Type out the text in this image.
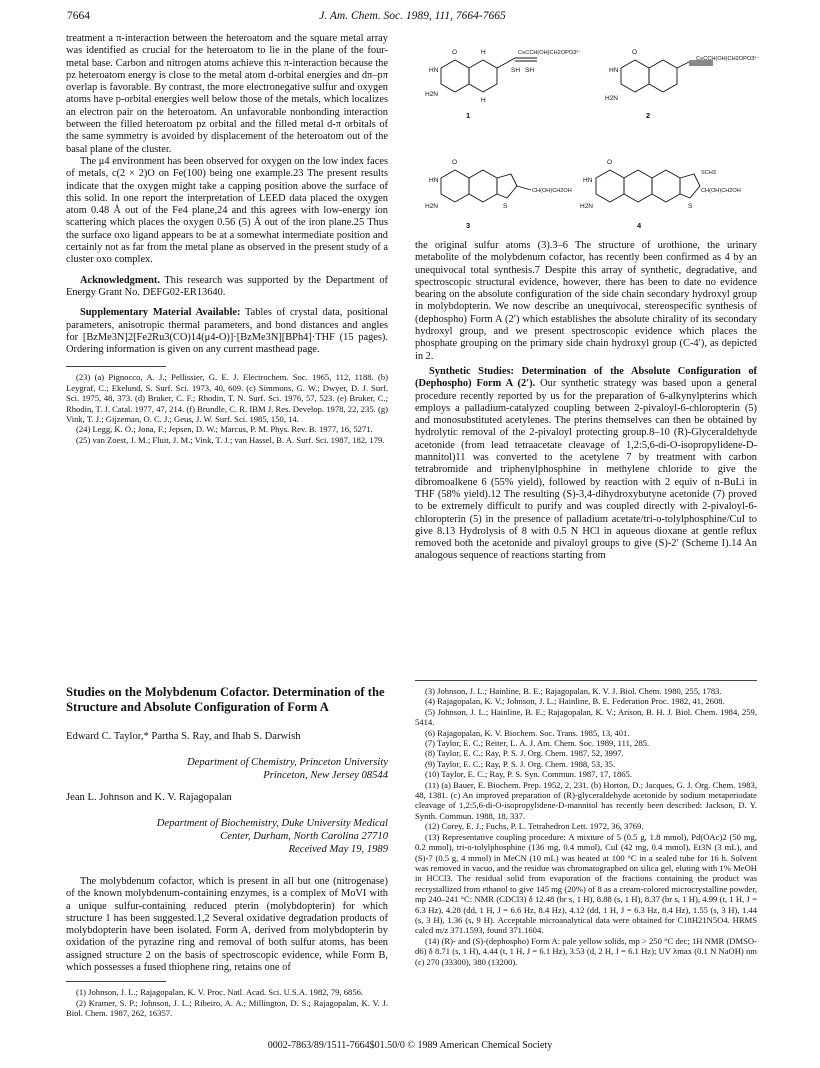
7664	J. Am. Chem. Soc. 1989, 111, 7664-7665

treatment a π-interaction between the heteroatom and the square metal array was identified as crucial for the heteroatom to lie in the plane of the four-metal base. Carbon and nitrogen atoms achieve this π-interaction because the pz heteroatom energy is close to the metal atom d-orbital energies and dπ–pπ overlap is favorable. By contrast, the more electronegative sulfur and oxygen atoms have p-orbital energies well below those of the metals, which localizes an electron pair on the heteroatom. An unfavorable nonbonding interaction between the filled heteroatom pz orbital and the filled metal d-π orbitals of the same symmetry is avoided by displacement of the heteroatom out of the basal plane of the cluster.

The μ4 environment has been observed for oxygen on the low index faces of metals, c(2 × 2)O on Fe(100) being one example.23 The present results indicate that the oxygen might take a capping position above the surface of this solid. In one report the interpretation of LEED data placed the oxygen atom 0.48 Å out of the Fe4 plane,24 and this agrees with low-energy ion scattering which places the oxygen 0.56 (5) Å out of the iron plane.25 Thus the surface oxo ligand appears to be at a somewhat intermediate position and certainly not as far from the metal plane as observed in the present study of a cluster oxo complex.

Acknowledgment. This research was supported by the Department of Energy Grant No. DEFG02-ER13640.

Supplementary Material Available: Tables of crystal data, positional parameters, anisotropic thermal parameters, and bond distances and angles for [BzMe3N]2[Fe2Ru3(CO)14(μ4-O)]·[BzMe3N][BPh4]·THF (15 pages). Ordering information is given on any current masthead page.

(23) (a) Pignocco, A. J.; Pellissier, G. E. J. Electrochem. Soc. 1965, 112, 1188. (b) Leygraf, C.; Ekelund, S. Surf. Sci. 1973, 40, 609. (c) Simmons, G. W.; Dwyer, D. J. Surf. Sci. 1975, 48, 373. (d) Bruker, C. F.; Rhodin, T. N. Surf. Sci. 1976, 57, 523. (e) Bruker, C.; Rhodin, T. J. Catal. 1977, 47, 214. (f) Brundle, C. R. IBM J. Res. Develop. 1978, 22, 235. (g) Vink, T. J.; Gijzeman, O. C. J.; Geus, J. W. Surf. Sci. 1985, 150, 14.
(24) Legg, K. O.; Jona, F.; Jepsen, D. W.; Marcus, P. M. Phys. Rev. B. 1977, 16, 5271.
(25) van Zoest, J. M.; Fluit, J. M.; Vink, T. J.; van Hassel, B. A. Surf. Sci. 1987, 182, 179.
Studies on the Molybdenum Cofactor. Determination of the Structure and Absolute Configuration of Form A
Edward C. Taylor,* Partha S. Ray, and Ihab S. Darwish
Department of Chemistry, Princeton University
Princeton, New Jersey 08544
Jean L. Johnson and K. V. Rajagopalan
Department of Biochemistry, Duke University Medical
Center, Durham, North Carolina 27710
Received May 19, 1989

The molybdenum cofactor, which is present in all but one (nitrogenase) of the known molybdenum-containing enzymes, is a complex of MoVI with a unique sulfur-containing reduced pterin (molybdopterin) for which structure 1 has been suggested.1,2 Several oxidative degradation products of molybdopterin have been isolated. Form A, derived from molybdopterin by oxidation of the pyrazine ring and removal of both sulfur atoms, has been assigned structure 2 on the basis of spectroscopic evidence, while Form B, which possesses a fused thiophene ring, retains one of

(1) Johnson, J. L.; Rajagopalan, K. V. Proc. Natl. Acad. Sci. U.S.A. 1982, 79, 6856.
(2) Kramer, S. P.; Johnson, J. L.; Ribeiro, A. A.; Millington, D. S.; Rajagopalan, K. V. J. Biol. Chem. 1987, 262, 16357.
O
HN
H2N
H
H
C≡CCH(OH)CH2OPO3²⁻
SH SH
O
HN
H2N
C≡CCH(OH)CH2OPO3²⁻
O
HN
H2N	S
CH(OH)CH2OH
O
HN
H2N	S
SCH3
CH(OH)CH2OH
1	2
3	4

the original sulfur atoms (3).3–6 The structure of urothione, the urinary metabolite of the molybdenum cofactor, has recently been confirmed as 4 by an unequivocal total synthesis.7 Despite this array of synthetic, degradative, and spectroscopic structural evidence, however, there has been to date no evidence bearing on the absolute configuration of the side chain secondary hydroxyl group in molybdopterin. We now describe an unequivocal, stereospecific synthesis of (dephospho) Form A (2′) which establishes the absolute chirality of its secondary hydroxyl group, and we present spectroscopic evidence which places the phosphate grouping on the primary side chain hydroxyl group (C-4′), as depicted in 2.

Synthetic Studies: Determination of the Absolute Configuration of (Dephospho) Form A (2′). Our synthetic strategy was based upon a general procedure recently reported by us for the preparation of 6-alkynylpterins which employs a palladium-catalyzed coupling between 2-pivaloyl-6-chloropterin (5) and monosubstituted acetylenes. The pterins themselves can then be obtained by hydrolytic removal of the 2-pivaloyl protecting group.8–10 (R)-Glyceraldehyde acetonide (from lead tetraacetate cleavage of 1,2:5,6-di-O-isopropylidene-D-mannitol)11 was converted to the acetylene 7 by treatment with carbon tetrabromide and triphenylphosphine in methylene chloride to give the dibromoalkene 6 (55% yield), followed by reaction with 2 equiv of n-BuLi in THF (58% yield).12 The resulting (S)-3,4-dihydroxybutyne acetonide (7) proved to be extremely difficult to purify and was coupled directly with 2-pivaloyl-6-chloropterin (5) in the presence of palladium acetate/tri-o-tolylphosphine/CuI to give 8.13 Hydrolysis of 8 with 0.5 N HCl in aqueous dioxane at gentle reflux removed both the acetonide and pivaloyl groups to give (S)-2′ (Scheme I).14 An analogous sequence of reactions starting from

(3) Johnson, J. L.; Hainline, B. E.; Rajagopalan, K. V. J. Biol. Chem. 1980, 255, 1783.
(4) Rajagopalan, K. V.; Johnson, J. L.; Hainline, B. E. Federation Proc. 1982, 41, 2608.
(5) Johnson, J. L.; Hainline, B. E.; Rajagopalan, K. V.; Arison, B. H. J. Biol. Chem. 1984, 259, 5414.
(6) Rajagopalan, K. V. Biochem. Soc. Trans. 1985, 13, 401.
(7) Taylor, E. C.; Reiter, L. A. J. Am. Chem. Soc. 1989, 111, 285.
(8) Taylor, E. C.; Ray, P. S. J. Org. Chem. 1987, 52, 3997.
(9) Taylor, E. C.; Ray, P. S. J. Org. Chem. 1988, 53, 35.
(10) Taylor, E. C.; Ray, P. S. Syn. Commun. 1987, 17, 1865.
(11) (a) Bauer, E. Biochem. Prep. 1952, 2, 231. (b) Horton, D.; Jacques, G. J. Org. Chem. 1983, 48, 1381. (c) An improved preparation of (R)-glyceraldehyde acetonide by sodium metaperiodate cleavage of 1,2:5,6-di-O-isopropylidene-D-mannitol has recently been described: Jackson, D. Y. Synth. Commun. 1988, 18, 337.
(12) Corey, E. J.; Fuchs, P. L. Tetrahedron Lett. 1972, 36, 3769.
(13) Representative coupling procedure: A mixture of 5 (0.5 g, 1.8 mmol), Pd(OAc)2 (50 mg, 0.2 mmol), tri-o-tolylphosphine (136 mg, 0.4 mmol), CuI (42 mg, 0.4 mmol), Et3N (3 mL), and (S)-7 (0.5 g, 4 mmol) in MeCN (10 mL) was heated at 100 °C in a sealed tube for 16 h. Solvent was removed in vacuo, and the residue was chromatographed on silica gel, eluting with 1% MeOH in HCCl3. The residual solid from evaporation of the fractions containing the product was recrystallized from ethanol to give 145 mg (20%) of 8 as a cream-colored microcrystalline powder, mp 240–241 °C: NMR (CDCl3) δ 12.48 (br s, 1 H), 8.88 (s, 1 H), 8.37 (br s, 1 H), 4.99 (t, 1 H, J = 6.3 Hz), 4.28 (dd, 1 H, J = 6.6 Hz, 8.4 Hz), 4.12 (dd, 1 H, J = 6.3 Hz, 8.4 Hz), 1.55 (s, 3 H), 1.44 (s, 3 H), 1.36 (s, 9 H). Acceptable microanalytical data were obtained for C18H21N5O4. HRMS calcd m/z 371.1593, found 371.1604.
(14) (R)- and (S)-(dephospho) Form A: pale yellow solids, mp > 250 °C dec; 1H NMR (DMSO-d6) δ 8.71 (s, 1 H), 4.44 (t, 1 H, J = 6.1 Hz), 3.53 (d, 2 H, J = 6.1 Hz); UV λmax (0.1 N NaOH) nm (ε) 270 (33300), 380 (13200).
0002-7863/89/1511-7664$01.50/0 © 1989 American Chemical Society
